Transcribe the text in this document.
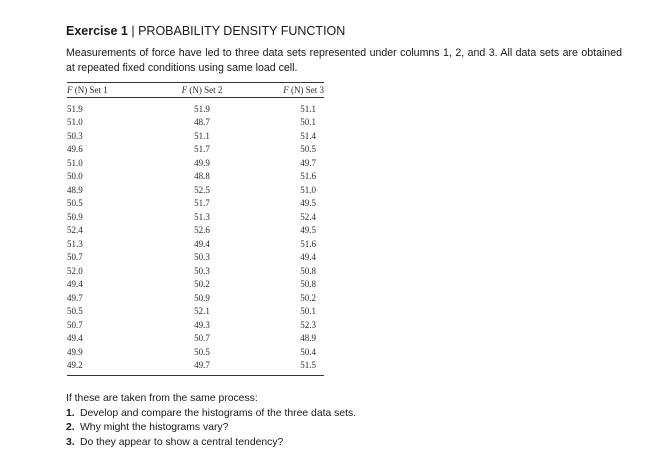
Exercise 1 | PROBABILITY DENSITY FUNCTION
Measurements of force have led to three data sets represented under columns 1, 2, and 3. All data sets are obtained at repeated fixed conditions using same load cell.
F (N) Set 1	F (N) Set 2	F (N) Set 3
51.9	51.9	51.1
51.0	48.7	50.1
50.3	51.1	51.4
49.6	51.7	50.5
51.0	49.9	49.7
50.0	48.8	51.6
48.9	52.5	51.0
50.5	51.7	49.5
50.9	51.3	52.4
52.4	52.6	49.5
51.3	49.4	51.6
50.7	50.3	49.4
52.0	50.3	50.8
49.4	50.2	50.8
49.7	50.9	50.2
50.5	52.1	50.1
50.7	49.3	52.3
49.4	50.7	48.9
49.9	50.5	50.4
49.2	49.7	51.5
If these are taken from the same process:
1. Develop and compare the histograms of the three data sets.
2. Why might the histograms vary?
3. Do they appear to show a central tendency?
